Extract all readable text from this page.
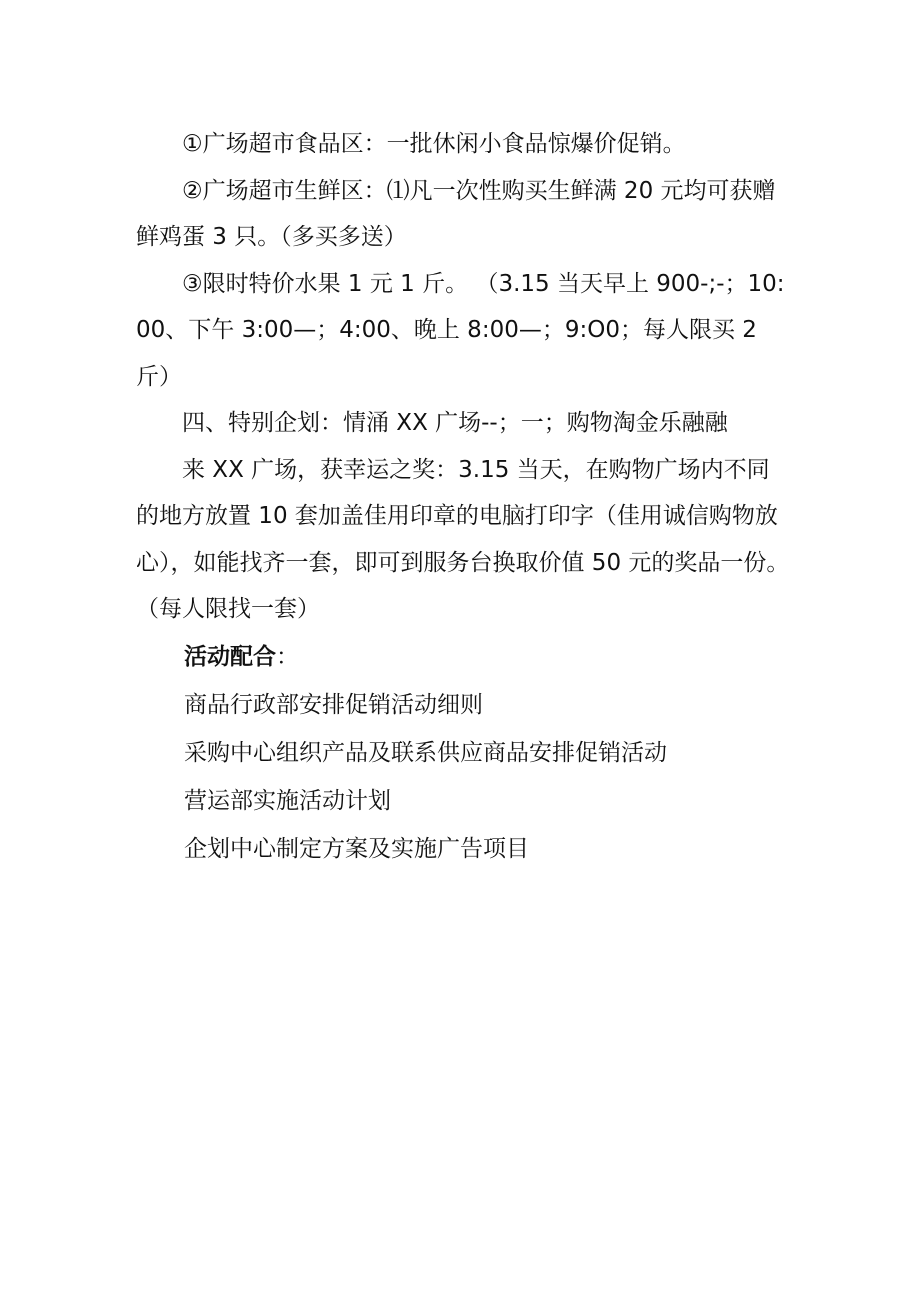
①广场超市食品区：一批休闲小食品惊爆价促销。

②广场超市生鲜区：⑴凡一次性购买生鲜满 20 元均可获赠鲜鸡蛋 3 只。（多买多送）

③限时特价水果 1 元 1 斤。 （3.15 当天早上 900-;-；10:00、下午 3:00—；4:00、晚上 8:00—；9:O0；每人限买 2 斤）

四、特别企划：情涌 XX 广场--；一；购物淘金乐融融

来 XX 广场，获幸运之奖：3.15 当天，在购物广场内不同的地方放置 10 套加盖佳用印章的电脑打印字（佳用诚信购物放心），如能找齐一套，即可到服务台换取价值 50 元的奖品一份。（每人限找一套）

活动配合：

商品行政部安排促销活动细则

采购中心组织产品及联系供应商品安排促销活动

营运部实施活动计划

企划中心制定方案及实施广告项目
